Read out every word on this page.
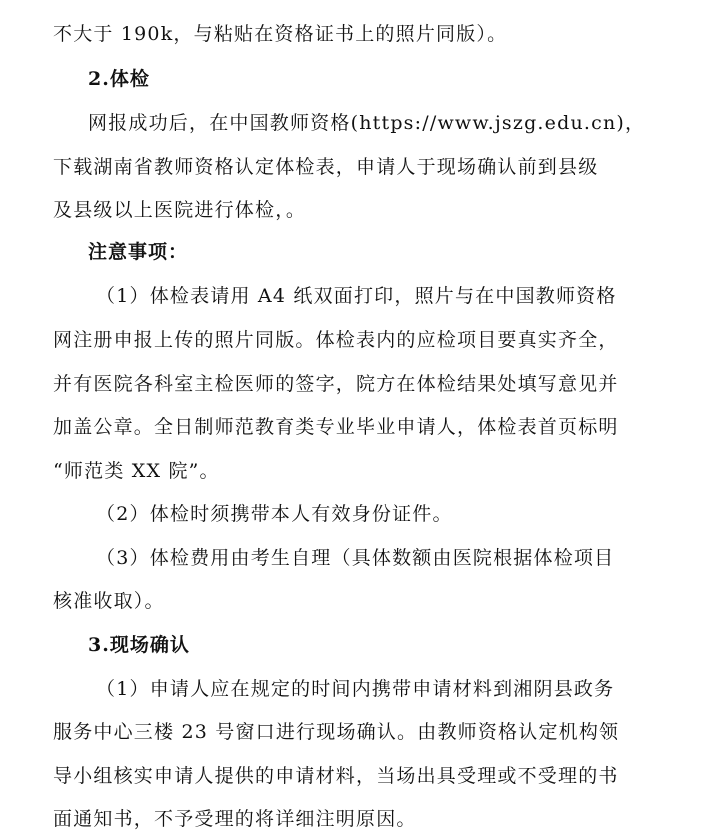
不大于 190k，与粘贴在资格证书上的照片同版）。
2.体检
网报成功后，在中国教师资格(https://www.jszg.edu.cn)，
下载湖南省教师资格认定体检表，申请人于现场确认前到县级
及县级以上医院进行体检，。
注意事项：
（1）体检表请用 A4 纸双面打印，照片与在中国教师资格
网注册申报上传的照片同版。体检表内的应检项目要真实齐全，
并有医院各科室主检医师的签字，院方在体检结果处填写意见并
加盖公章。全日制师范教育类专业毕业申请人，体检表首页标明
“师范类 XX 院”。
（2）体检时须携带本人有效身份证件。
（3）体检费用由考生自理（具体数额由医院根据体检项目
核准收取）。
3.现场确认
（1）申请人应在规定的时间内携带申请材料到湘阴县政务
服务中心三楼 23 号窗口进行现场确认。由教师资格认定机构领
导小组核实申请人提供的申请材料，当场出具受理或不受理的书
面通知书，不予受理的将详细注明原因。
